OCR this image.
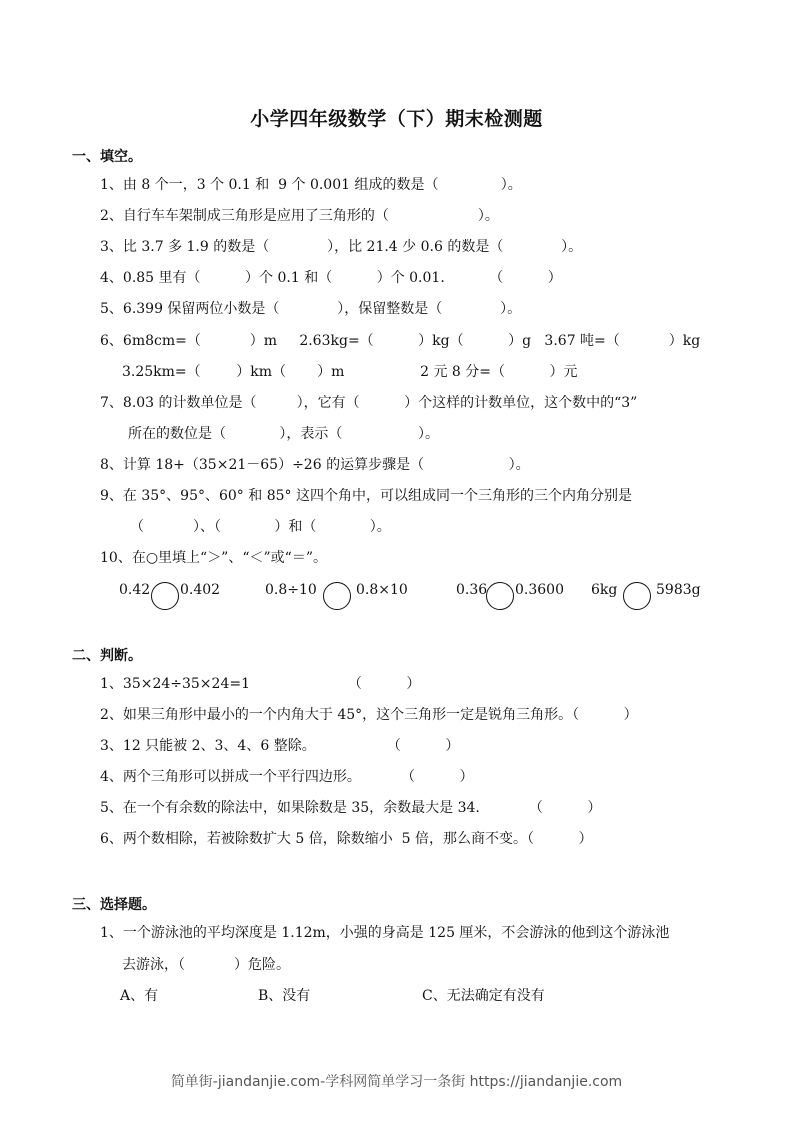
小学四年级数学（下）期末检测题
一、填空。
1、由 8 个一，3 个 0.1 和  9 个 0.001 组成的数是（              ）。
2、自行车车架制成三角形是应用了三角形的（                    ）。
3、比 3.7 多 1.9 的数是（             ），比 21.4 少 0.6 的数是（             ）。
4、0.85 里有（          ）个 0.1 和（          ）个 0.01.          （          ）
5、6.399 保留两位小数是（             ），保留整数是（             ）。
6、6m8cm=（           ）m     2.63kg=（          ）kg（          ）g   3.67 吨=（           ）kg
3.25km=（        ）km（       ）m                 2 元 8 分=（          ）元
7、8.03 的计数单位是（         ），它有（          ）个这样的计数单位，这个数中的“3”
所在的数位是（            ），表示（                 ）。
8、计算 18+（35×21－65）÷26 的运算步骤是（                   ）。
9、在 35°、95°、60° 和 85° 这四个角中，可以组成同一个三角形的三个内角分别是
（           ）、（            ）和（            ）。
10、在○里填上“＞”、“＜”或“＝”。
0.42 0.402	0.8÷10	0.8×10	0.36 0.3600 6kg	5983g
二、判断。
1、35×24÷35×24=1                      （          ）
2、如果三角形中最小的一个内角大于 45°，这个三角形一定是锐角三角形。（          ）
3、12 只能被 2、3、4、6 整除。                （          ）
4、两个三角形可以拼成一个平行四边形。         （          ）
5、在一个有余数的除法中，如果除数是 35，余数最大是 34.           （          ）
6、两个数相除，若被除数扩大 5 倍，除数缩小  5 倍，那么商不变。（          ）
三、选择题。
1、一个游泳池的平均深度是 1.12m，小强的身高是 125 厘米，不会游泳的他到这个游泳池
去游泳，（           ）危险。
A、有	B、没有	C、无法确定有没有
简单街-jiandanjie.com-学科网简单学习一条街 https://jiandanjie.com
